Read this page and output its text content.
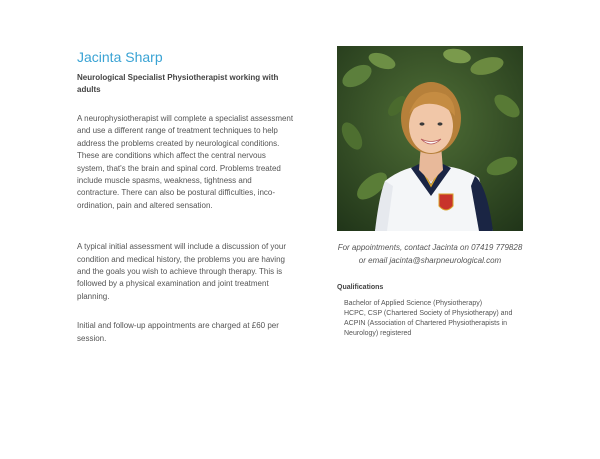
Jacinta Sharp

Neurological Specialist Physiotherapist working with adults

A neurophysiotherapist will complete a specialist assessment and use a different range of treatment techniques to help address the problems created by neurological conditions. These are conditions which affect the central nervous system, that's the brain and spinal cord. Problems treated include muscle spasms, weakness, tightness and contracture. There can also be postural difficulties, inco-ordination, pain and altered sensation.

A typical initial assessment will include a discussion of your condition and medical history, the problems you are having and the goals you wish to achieve through therapy. This is followed by a physical examination and joint treatment planning.

Initial and follow-up appointments are charged at £60 per session.

For appointments, contact Jacinta on 07419 779828 or email jacinta@sharpneurological.com

Qualifications
Bachelor of Applied Science (Physiotherapy)
HCPC, CSP (Chartered Society of Physiotherapy) and ACPIN (Association of Chartered Physiotherapists in Neurology) registered
